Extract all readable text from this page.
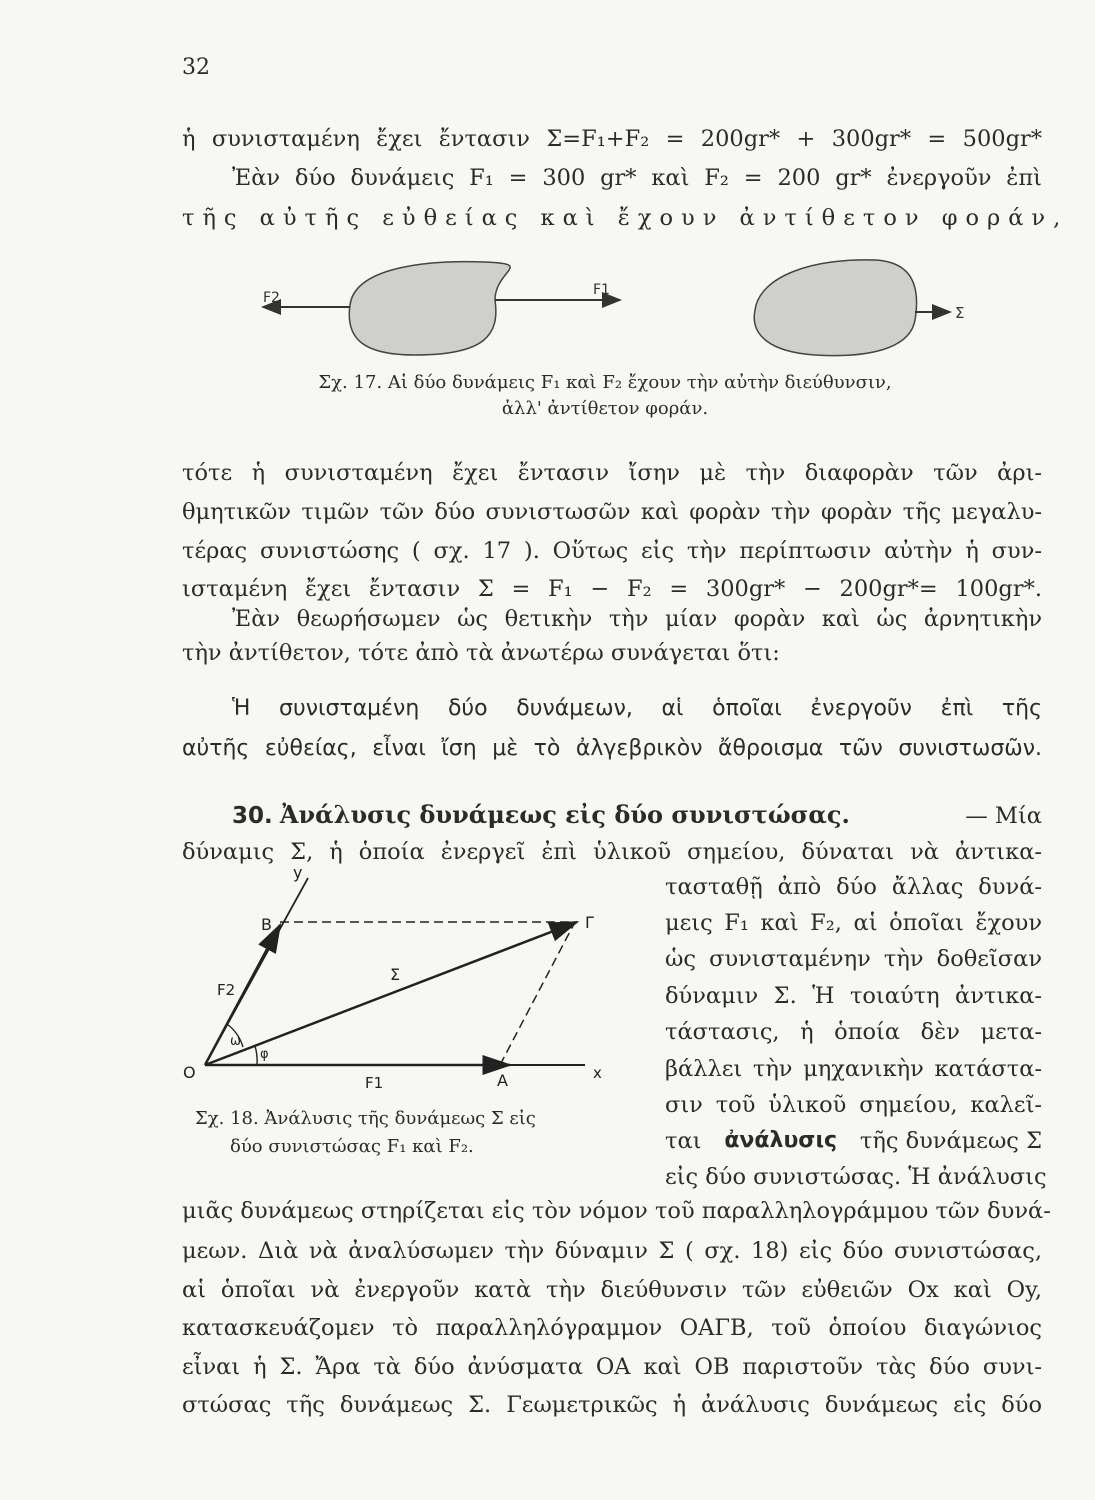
32
ἡ συνισταμένη ἔχει ἔντασιν Σ=F₁+F₂ = 200gr* + 300gr* = 500gr*
Ἐὰν δύο δυνάμεις F₁ = 300 gr* καὶ F₂ = 200 gr* ἐνεργοῦν ἐπὶ
τῆς αὐτῆς εὐθείας καὶ ἔχουν ἀντίθετον φοράν,
F2	F1
Σ
Σχ. 17. Αἱ δύο δυνάμεις F₁ καὶ F₂ ἔχουν τὴν αὐτὴν διεύθυνσιν,
ἀλλ' ἀντίθετον φοράν.
τότε ἡ συνισταμένη ἔχει ἔντασιν ἴσην μὲ τὴν διαφορὰν τῶν ἀρι-
θμητικῶν τιμῶν τῶν δύο συνιστωσῶν καὶ φορὰν τὴν φορὰν τῆς μεγαλυ-
τέρας συνιστώσης ( σχ. 17 ). Οὕτως εἰς τὴν περίπτωσιν αὐτὴν ἡ συν-
ισταμένη ἔχει ἔντασιν Σ = F₁ − F₂ = 300gr* − 200gr*= 100gr*.
Ἐὰν θεωρήσωμεν ὡς θετικὴν τὴν μίαν φορὰν καὶ ὡς ἀρνητικὴν
τὴν ἀντίθετον, τότε ἀπὸ τὰ ἀνωτέρω συνάγεται ὅτι:
Ἡ συνισταμένη δύο δυνάμεων, αἱ ὁποῖαι ἐνεργοῦν ἐπὶ τῆς
αὐτῆς εὐθείας, εἶναι ἴση μὲ τὸ ἀλγεβρικὸν ἄθροισμα τῶν συνιστωσῶν.
30. Ἀνάλυσις δυνάμεως εἰς δύο συνιστώσας.	— Μία
δύναμις Σ, ἡ ὁποία ἐνεργεῖ ἐπὶ ὑλικοῦ σημείου, δύναται νὰ ἀντικα-
τασταθῇ ἀπὸ δύο ἄλλας δυνά-
μεις F₁ καὶ F₂, αἱ ὁποῖαι ἔχουν
ὡς συνισταμένην τὴν δοθεῖσαν
δύναμιν Σ. Ἡ τοιαύτη ἀντικα-
τάστασις, ἡ ὁποία δὲν μετα-
βάλλει τὴν μηχανικὴν κατάστα-
σιν τοῦ ὑλικοῦ σημείου, καλεῖ-
ται ἀνάλυσις τῆς δυνάμεως Σ
εἰς δύο συνιστώσας. Ἡ ἀνάλυσις
y
B	Γ
F2
Σ
ω
φ
O
F1	A	x
Σχ. 18. Ἀνάλυσις τῆς δυνάμεως Σ εἰς
δύο συνιστώσας F₁ καὶ F₂.
μιᾶς δυνάμεως στηρίζεται εἰς τὸν νόμον τοῦ παραλληλογράμμου τῶν δυνά-
μεων. Διὰ νὰ ἀναλύσωμεν τὴν δύναμιν Σ ( σχ. 18) εἰς δύο συνιστώσας,
αἱ ὁποῖαι νὰ ἐνεργοῦν κατὰ τὴν διεύθυνσιν τῶν εὐθειῶν Ox καὶ Oy,
κατασκευάζομεν τὸ παραλληλόγραμμον ΟΑΓΒ, τοῦ ὁποίου διαγώνιος
εἶναι ἡ Σ. Ἄρα τὰ δύο ἀνύσματα ΟΑ καὶ ΟΒ παριστοῦν τὰς δύο συνι-
στώσας τῆς δυνάμεως Σ. Γεωμετρικῶς ἡ ἀνάλυσις δυνάμεως εἰς δύο
